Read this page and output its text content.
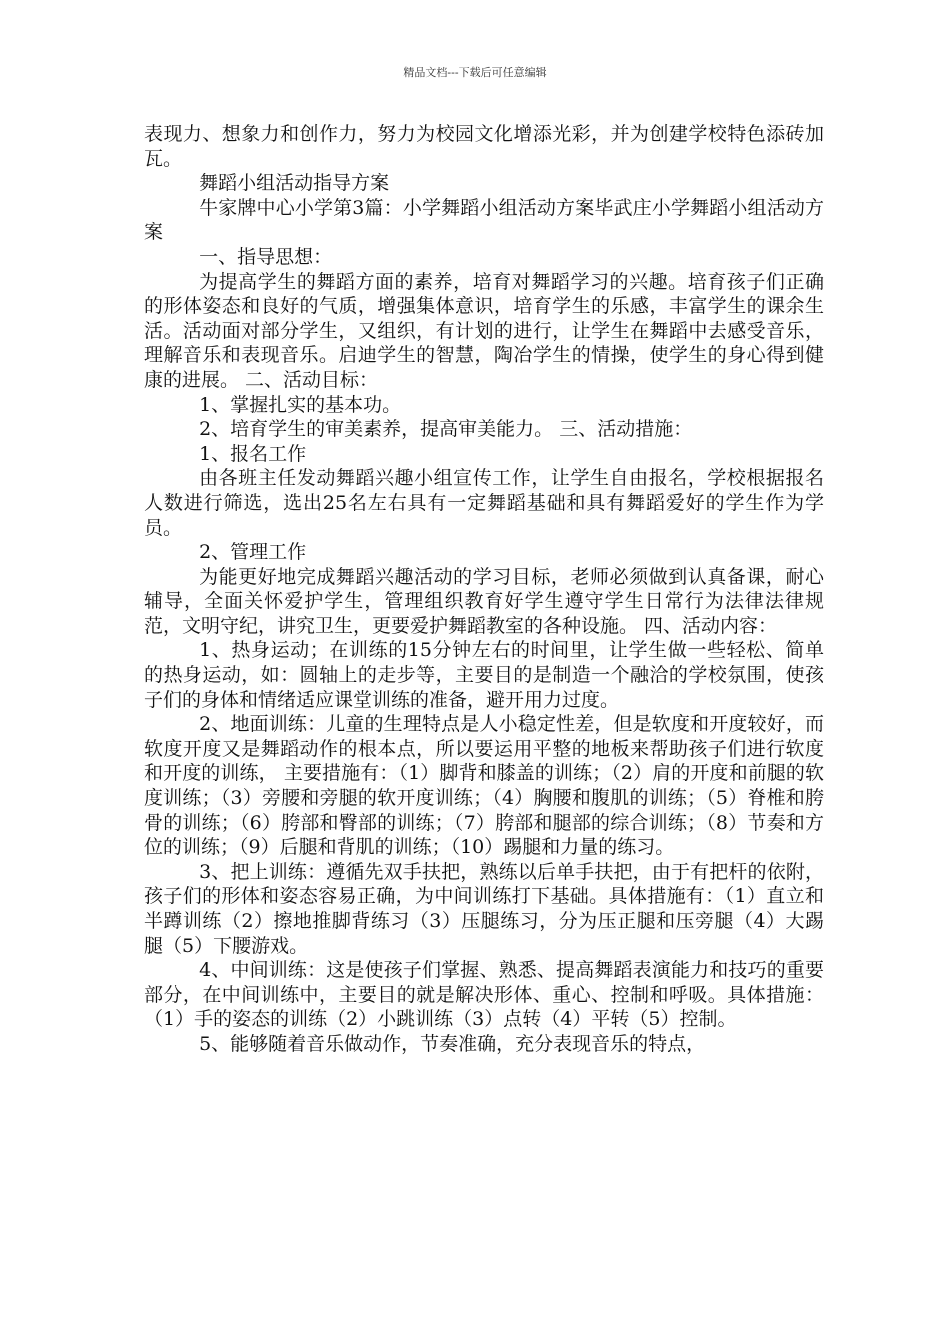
精品文档---下载后可任意编辑

表现力、想象力和创作力，努力为校园文化增添光彩，并为创建学校特色添砖加瓦。

舞蹈小组活动指导方案

牛家牌中心小学第3篇：小学舞蹈小组活动方案毕武庄小学舞蹈小组活动方案

一、指导思想：

为提高学生的舞蹈方面的素养，培育对舞蹈学习的兴趣。培育孩子们正确的形体姿态和良好的气质，增强集体意识，培育学生的乐感，丰富学生的课余生活。活动面对部分学生，又组织，有计划的进行，让学生在舞蹈中去感受音乐，理解音乐和表现音乐。启迪学生的智慧，陶冶学生的情操，使学生的身心得到健康的进展。 二、活动目标：

1、掌握扎实的基本功。

2、培育学生的审美素养，提高审美能力。 三、活动措施：

1、报名工作

由各班主任发动舞蹈兴趣小组宣传工作，让学生自由报名，学校根据报名人数进行筛选，选出25名左右具有一定舞蹈基础和具有舞蹈爱好的学生作为学员。

2、管理工作

为能更好地完成舞蹈兴趣活动的学习目标，老师必须做到认真备课，耐心辅导，全面关怀爱护学生，管理组织教育好学生遵守学生日常行为法律法律规范，文明守纪，讲究卫生，更要爱护舞蹈教室的各种设施。 四、活动内容：

1、热身运动；在训练的15分钟左右的时间里，让学生做一些轻松、简单的热身运动，如：圆轴上的走步等，主要目的是制造一个融洽的学校氛围，使孩子们的身体和情绪适应课堂训练的准备，避开用力过度。

2、地面训练：儿童的生理特点是人小稳定性差，但是软度和开度较好，而软度开度又是舞蹈动作的根本点，所以要运用平整的地板来帮助孩子们进行软度和开度的训练， 主要措施有：（1）脚背和膝盖的训练；（2）肩的开度和前腿的软度训练；（3）旁腰和旁腿的软开度训练；（4）胸腰和腹肌的训练；（5）脊椎和胯骨的训练；（6）胯部和臀部的训练；（7）胯部和腿部的综合训练；（8）节奏和方位的训练；（9）后腿和背肌的训练；（10）踢腿和力量的练习。

3、把上训练：遵循先双手扶把，熟练以后单手扶把，由于有把杆的依附，孩子们的形体和姿态容易正确，为中间训练打下基础。具体措施有：（1）直立和半蹲训练（2）擦地推脚背练习（3）压腿练习，分为压正腿和压旁腿（4）大踢腿（5）下腰游戏。

4、中间训练：这是使孩子们掌握、熟悉、提高舞蹈表演能力和技巧的重要部分，在中间训练中，主要目的就是解决形体、重心、控制和呼吸。具体措施：（1）手的姿态的训练（2）小跳训练（3）点转（4）平转（5）控制。

5、能够随着音乐做动作，节奏准确，充分表现音乐的特点，
